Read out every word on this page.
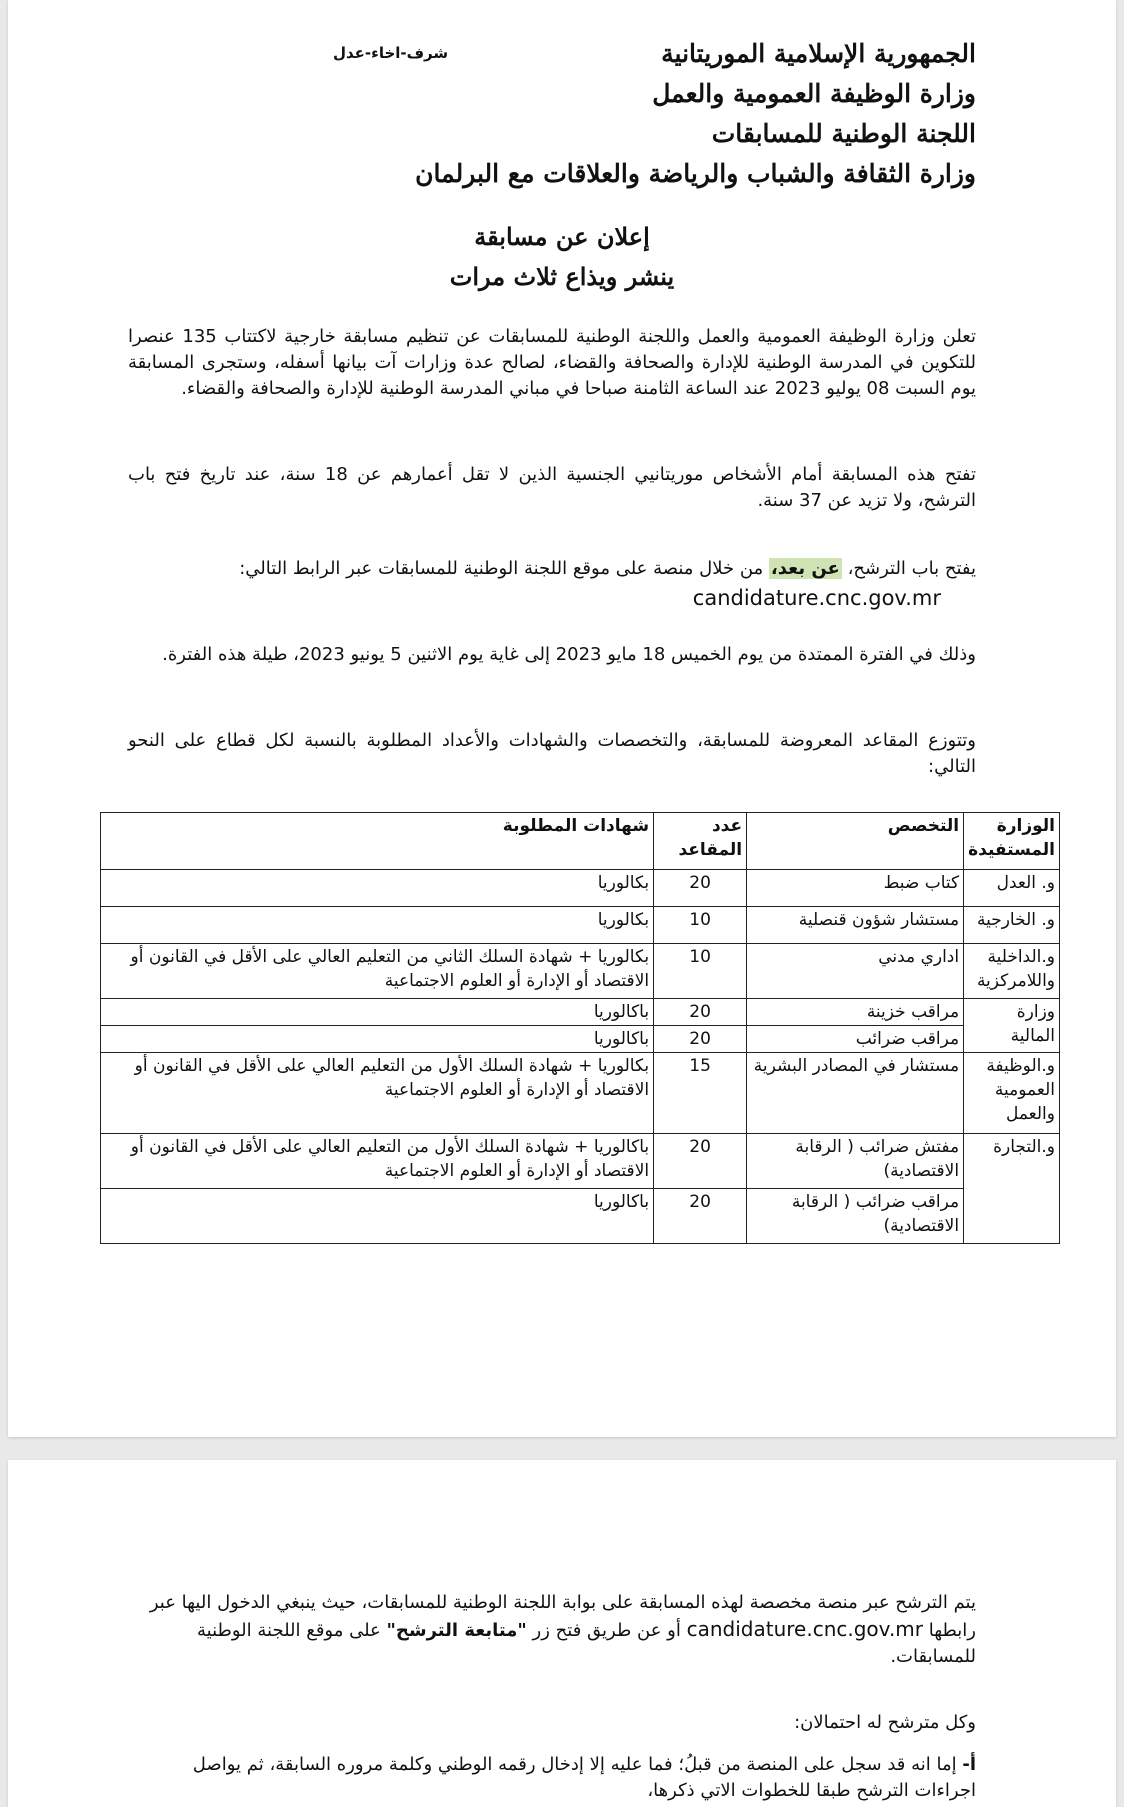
الجمهورية الإسلامية الموريتانية
وزارة الوظيفة العمومية والعمل
اللجنة الوطنية للمسابقات
وزارة الثقافة والشباب والرياضة والعلاقات مع البرلمان
شرف-اخاء-عدل
إعلان عن مسابقة
ينشر ويذاع ثلاث مرات
تعلن وزارة الوظيفة العمومية والعمل واللجنة الوطنية للمسابقات عن تنظيم مسابقة خارجية لاكتتاب 135 عنصرا للتكوين في المدرسة الوطنية للإدارة والصحافة والقضاء، لصالح عدة وزارات آت بيانها أسفله، وستجرى المسابقة يوم السبت 08 يوليو 2023 عند الساعة الثامنة صباحا في مباني المدرسة الوطنية للإدارة والصحافة والقضاء.
تفتح هذه المسابقة أمام الأشخاص موريتانيي الجنسية الذين لا تقل أعمارهم عن 18 سنة، عند تاريخ فتح باب الترشح، ولا تزيد عن 37 سنة.
يفتح باب الترشح، عن بعد، من خلال منصة على موقع اللجنة الوطنية للمسابقات عبر الرابط التالي:
candidature.cnc.gov.mr
وذلك في الفترة الممتدة من يوم الخميس 18 مايو 2023 إلى غاية يوم الاثنين 5 يونيو 2023، طيلة هذه الفترة.
وتتوزع المقاعد المعروضة للمسابقة، والتخصصات والشهادات والأعداد المطلوبة بالنسبة لكل قطاع على النحو التالي:
الوزارة المستفيدة	التخصص	عدد المقاعد	شهادات المطلوبة
و. العدل	كتاب ضبط	20	بكالوريا
و. الخارجية	مستشار شؤون قنصلية	10	بكالوريا
و.الداخلية واللامركزية	اداري مدني	10	بكالوريا + شهادة السلك الثاني من التعليم العالي على الأقل في القانون أو الاقتصاد أو الإدارة أو العلوم الاجتماعية
وزارة المالية	مراقب خزينة	20	باكالوريا
	مراقب ضرائب	20	باكالوريا
و.الوظيفة العمومية والعمل	مستشار في المصادر البشرية	15	بكالوريا + شهادة السلك الأول من التعليم العالي على الأقل في القانون أو الاقتصاد أو الإدارة أو العلوم الاجتماعية
و.التجارة	مفتش ضرائب ( الرقابة الاقتصادية)	20	باكالوريا + شهادة السلك الأول من التعليم العالي على الأقل في القانون أو الاقتصاد أو الإدارة أو العلوم الاجتماعية
	مراقب ضرائب ( الرقابة الاقتصادية)	20	باكالوريا
يتم الترشح عبر منصة مخصصة لهذه المسابقة على بوابة اللجنة الوطنية للمسابقات، حيث ينبغي الدخول اليها عبر رابطها candidature.cnc.gov.mr أو عن طريق فتح زر "متابعة الترشح" على موقع اللجنة الوطنية للمسابقات.
وكل مترشح له احتمالان:
أ- إما انه قد سجل على المنصة من قبلُ؛ فما عليه إلا إدخال رقمه الوطني وكلمة مروره السابقة، ثم يواصل اجراءات الترشح طبقا للخطوات الاتي ذكرها،
